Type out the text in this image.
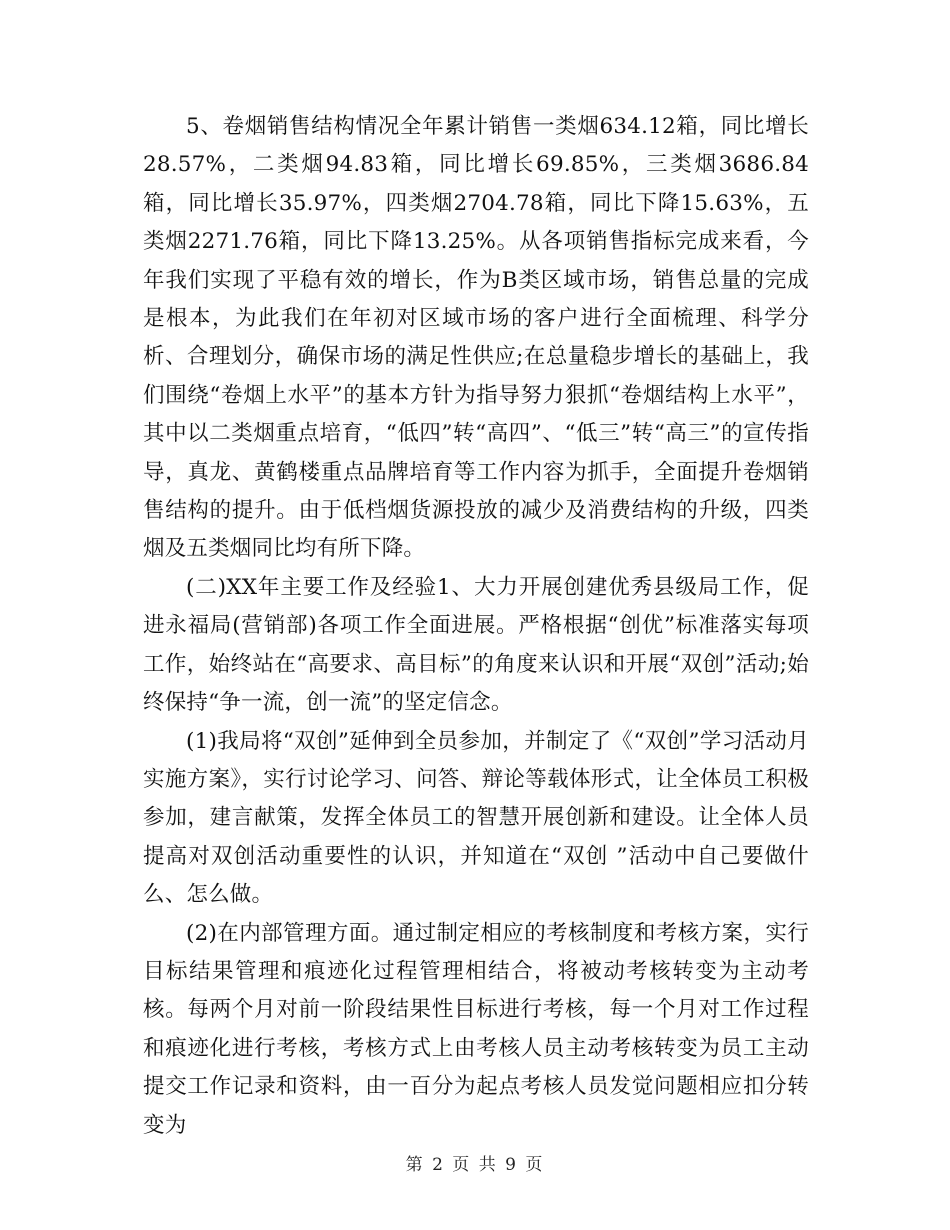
5、卷烟销售结构情况全年累计销售一类烟634.12箱，同比增长28.57%，二类烟94.83箱，同比增长69.85%，三类烟3686.84箱，同比增长35.97%，四类烟2704.78箱，同比下降15.63%，五类烟2271.76箱，同比下降13.25%。从各项销售指标完成来看，今年我们实现了平稳有效的增长，作为B类区域市场，销售总量的完成是根本，为此我们在年初对区域市场的客户进行全面梳理、科学分析、合理划分，确保市场的满足性供应;在总量稳步增长的基础上，我们围绕“卷烟上水平”的基本方针为指导努力狠抓“卷烟结构上水平”，其中以二类烟重点培育，“低四”转“高四”、“低三”转“高三”的宣传指导，真龙、黄鹤楼重点品牌培育等工作内容为抓手，全面提升卷烟销售结构的提升。由于低档烟货源投放的减少及消费结构的升级，四类烟及五类烟同比均有所下降。

(二)XX年主要工作及经验1、大力开展创建优秀县级局工作，促进永福局(营销部)各项工作全面进展。严格根据“创优”标准落实每项工作，始终站在“高要求、高目标”的角度来认识和开展“双创”活动;始终保持“争一流，创一流”的坚定信念。

(1)我局将“双创”延伸到全员参加，并制定了《“双创”学习活动月实施方案》，实行讨论学习、问答、辩论等载体形式，让全体员工积极参加，建言献策，发挥全体员工的智慧开展创新和建设。让全体人员提高对双创活动重要性的认识，并知道在“双创 ”活动中自己要做什么、怎么做。

(2)在内部管理方面。通过制定相应的考核制度和考核方案，实行目标结果管理和痕迹化过程管理相结合，将被动考核转变为主动考核。每两个月对前一阶段结果性目标进行考核，每一个月对工作过程和痕迹化进行考核，考核方式上由考核人员主动考核转变为员工主动提交工作记录和资料，由一百分为起点考核人员发觉问题相应扣分转变为

第 2 页 共 9 页
